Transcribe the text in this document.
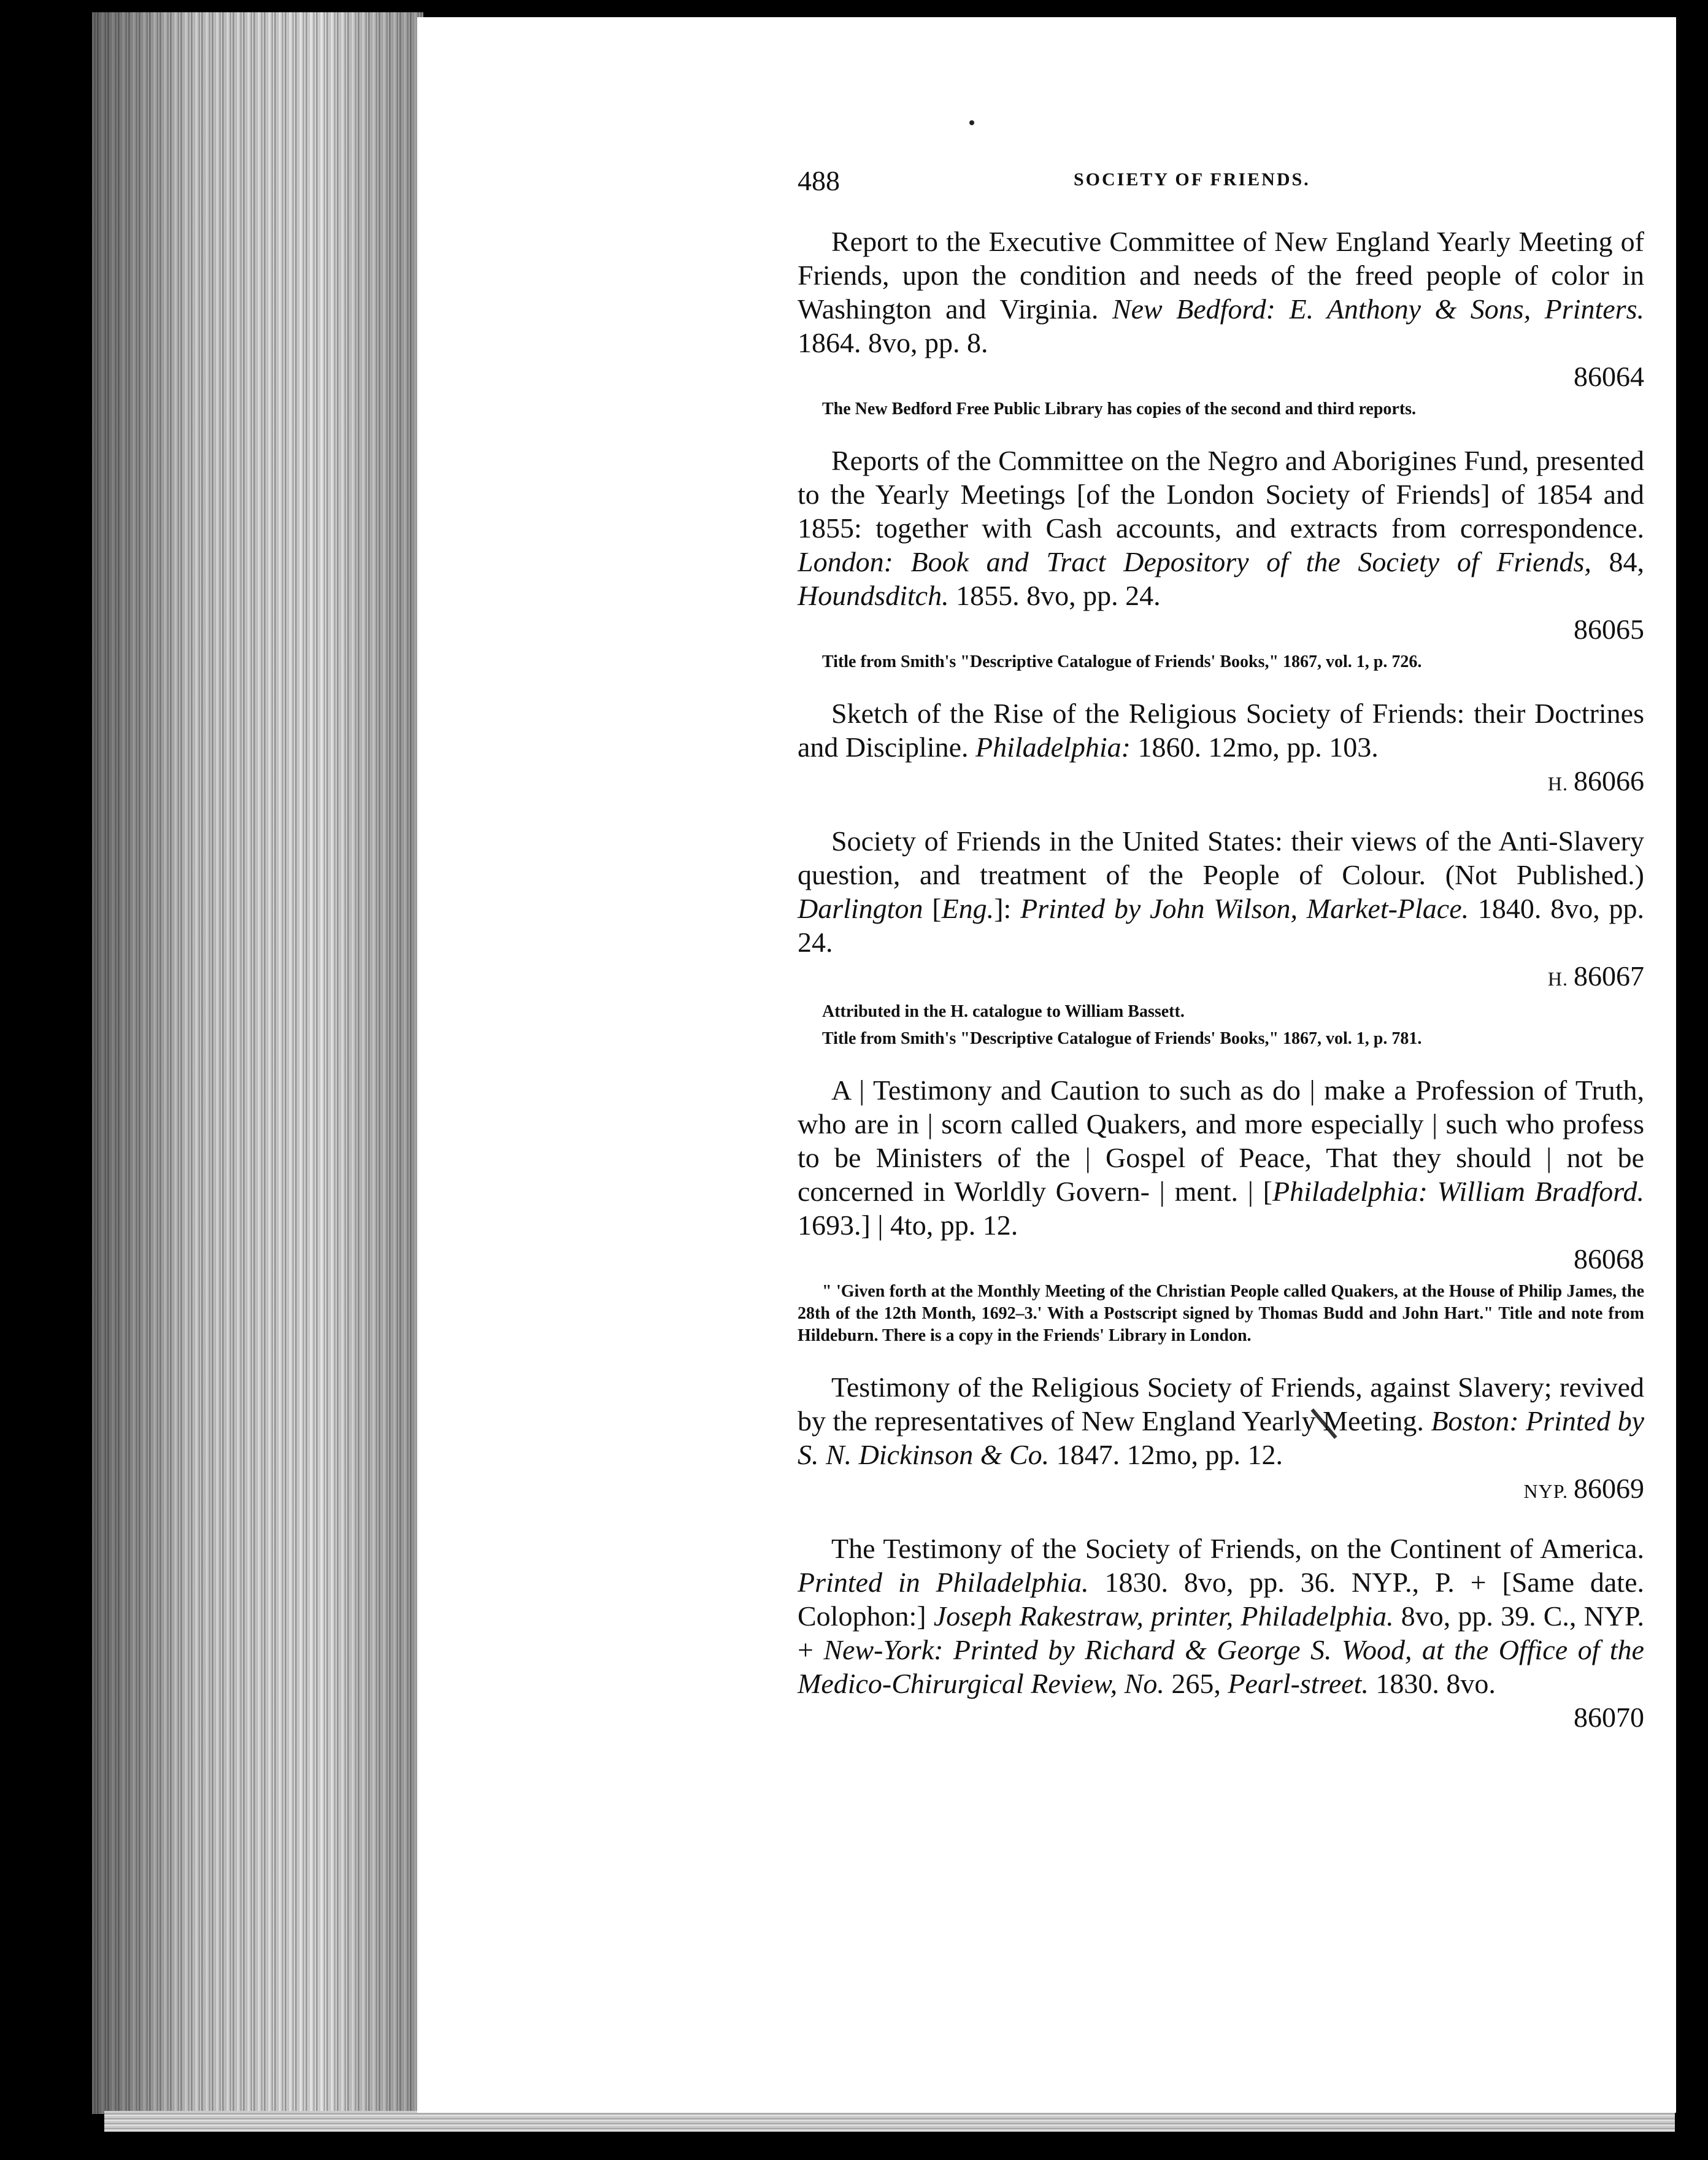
488	SOCIETY OF FRIENDS.

Report to the Executive Committee of New England Yearly Meeting of Friends, upon the condition and needs of the freed people of color in Washington and Virginia. New Bedford: E. Anthony & Sons, Printers. 1864. 8vo, pp. 8.

86064

The New Bedford Free Public Library has copies of the second and third reports.

Reports of the Committee on the Negro and Aborigines Fund, presented to the Yearly Meetings [of the London Society of Friends] of 1854 and 1855: together with Cash accounts, and extracts from correspondence. London: Book and Tract Depository of the Society of Friends, 84, Houndsditch. 1855. 8vo, pp. 24.

86065

Title from Smith's "Descriptive Catalogue of Friends' Books," 1867, vol. 1, p. 726.

Sketch of the Rise of the Religious Society of Friends: their Doctrines and Discipline. Philadelphia: 1860. 12mo, pp. 103.

H. 86066

Society of Friends in the United States: their views of the Anti-Slavery question, and treatment of the People of Colour. (Not Published.) Darlington [Eng.]: Printed by John Wilson, Market-Place. 1840. 8vo, pp. 24.

H. 86067

Attributed in the H. catalogue to William Bassett.

Title from Smith's "Descriptive Catalogue of Friends' Books," 1867, vol. 1, p. 781.

A | Testimony and Caution to such as do | make a Profession of Truth, who are in | scorn called Quakers, and more especially | such who profess to be Ministers of the | Gospel of Peace, That they should | not be concerned in Worldly Govern- | ment. | [Philadelphia: William Bradford. 1693.] | 4to, pp. 12.

86068

" 'Given forth at the Monthly Meeting of the Christian People called Quakers, at the House of Philip James, the 28th of the 12th Month, 1692–3.' With a Postscript signed by Thomas Budd and John Hart." Title and note from Hildeburn. There is a copy in the Friends' Library in London.

Testimony of the Religious Society of Friends, against Slavery; revived by the representatives of New England Yearly Meeting. Boston: Printed by S. N. Dickinson & Co. 1847. 12mo, pp. 12.

NYP. 86069

The Testimony of the Society of Friends, on the Continent of America. Printed in Philadelphia. 1830. 8vo, pp. 36. NYP., P. + [Same date. Colophon:] Joseph Rakestraw, printer, Philadelphia. 8vo, pp. 39. C., NYP. + New-York: Printed by Richard & George S. Wood, at the Office of the Medico-Chirurgical Review, No. 265, Pearl-street. 1830. 8vo.

86070
